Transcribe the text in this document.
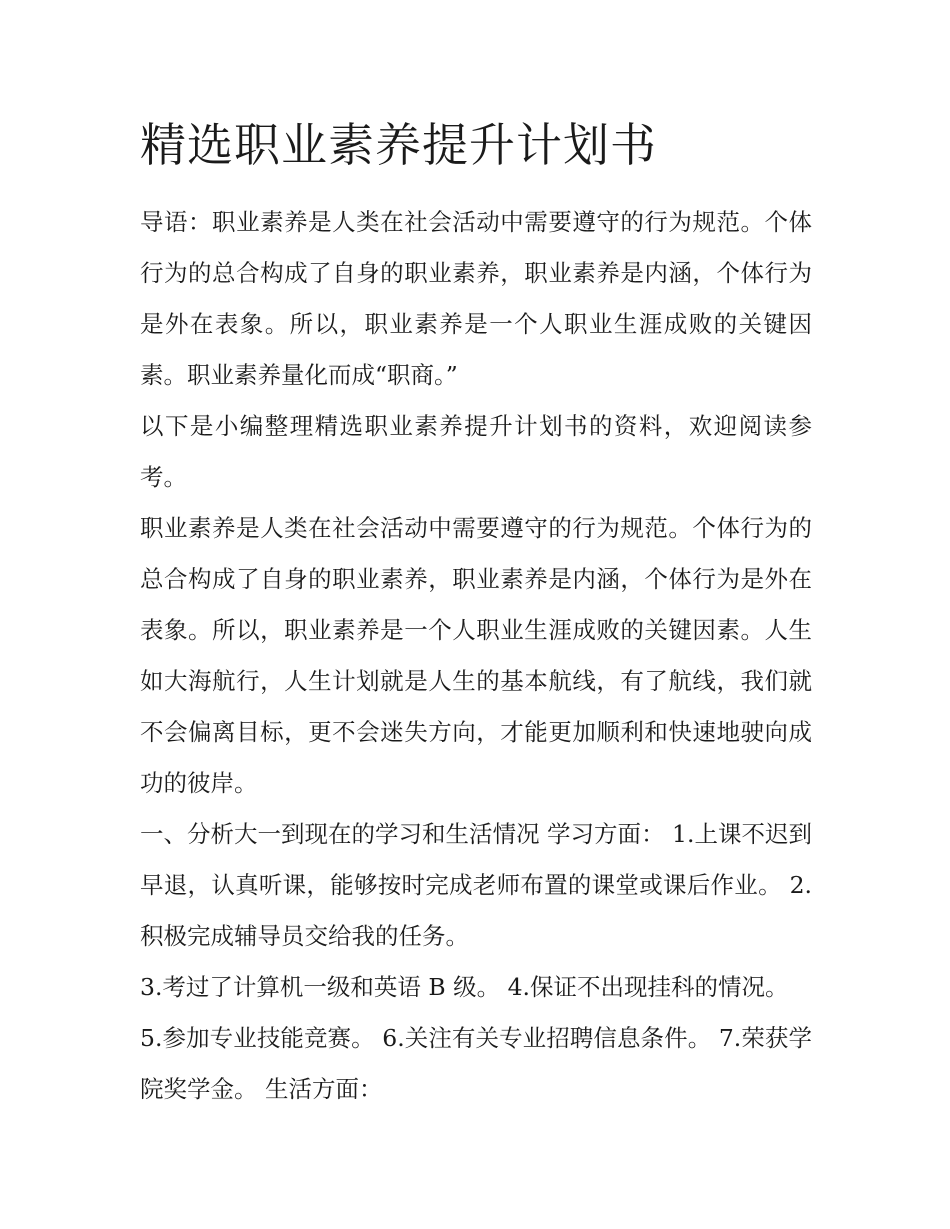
精选职业素养提升计划书

导语：职业素养是人类在社会活动中需要遵守的行为规范。个体行为的总合构成了自身的职业素养，职业素养是内涵，个体行为是外在表象。所以，职业素养是一个人职业生涯成败的关键因素。职业素养量化而成“职商。”

以下是小编整理精选职业素养提升计划书的资料，欢迎阅读参考。

职业素养是人类在社会活动中需要遵守的行为规范。个体行为的总合构成了自身的职业素养，职业素养是内涵，个体行为是外在表象。所以，职业素养是一个人职业生涯成败的关键因素。人生如大海航行，人生计划就是人生的基本航线，有了航线，我们就不会偏离目标，更不会迷失方向，才能更加顺利和快速地驶向成功的彼岸。

一、分析大一到现在的学习和生活情况 学习方面： 1.上课不迟到早退，认真听课，能够按时完成老师布置的课堂或课后作业。 2.积极完成辅导员交给我的任务。

3.考过了计算机一级和英语 B 级。 4.保证不出现挂科的情况。

5.参加专业技能竞赛。 6.关注有关专业招聘信息条件。 7.荣获学院奖学金。 生活方面：
